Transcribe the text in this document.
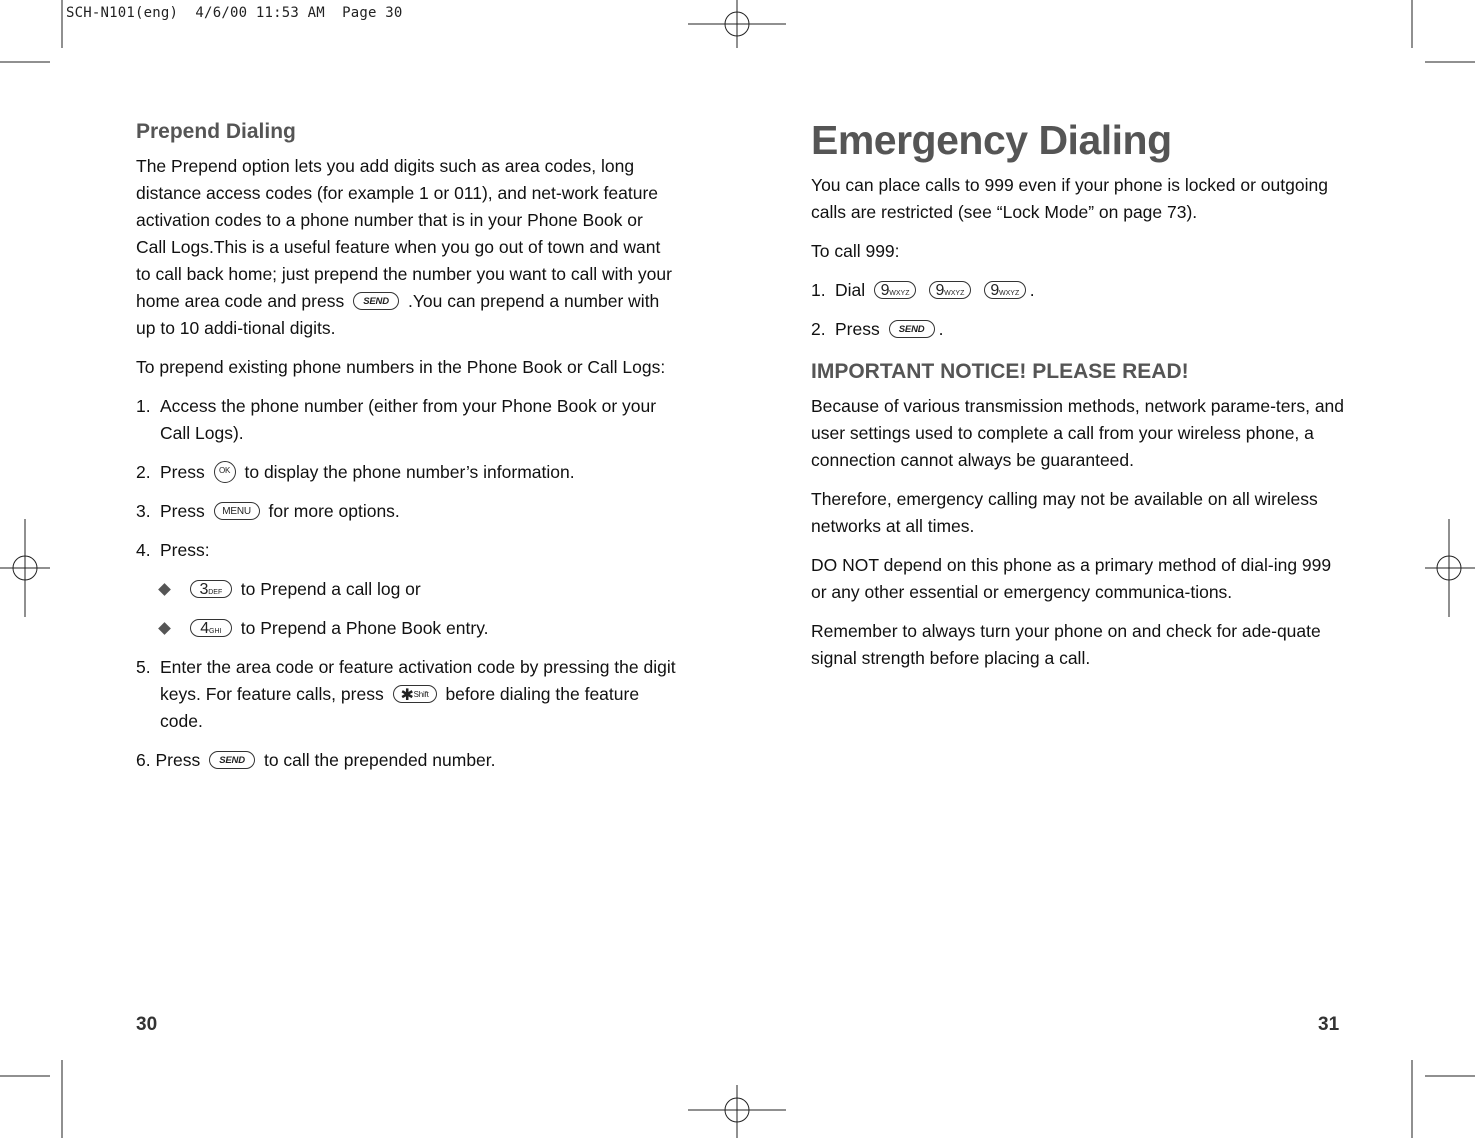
SCH-N101(eng)  4/6/00 11:53 AM  Page 30
Prepend Dialing
The Prepend option lets you add digits such as area codes, long distance access codes (for example 1 or 011), and net-work feature activation codes to a phone number that is in your Phone Book or Call Logs.This is a useful feature when you go out of town and want to call back home; just prepend the number you want to call with your home area code and press SEND .You can prepend a number with up to 10 addi-tional digits.
To prepend existing phone numbers in the Phone Book or Call Logs:
1. Access the phone number (either from your Phone Book or your Call Logs).
2. Press OK to display the phone number’s information.
3. Press MENU for more options.
4. Press:
3DEF to Prepend a call log or
4GHI to Prepend a Phone Book entry.
5. Enter the area code or feature activation code by pressing the digit keys. For feature calls, press ✱Shift before dialing the feature code.
6. Press SEND to call the prepended number.
Emergency Dialing
You can place calls to 999 even if your phone is locked or outgoing calls are restricted (see “Lock Mode” on page 73).
To call 999:
1. Dial 9WXYZ 9WXYZ 9WXYZ .
2. Press SEND .
IMPORTANT NOTICE! PLEASE READ!
Because of various transmission methods, network parame-ters, and user settings used to complete a call from your wireless phone, a connection cannot always be guaranteed.
Therefore, emergency calling may not be available on all wireless networks at all times.
DO NOT depend on this phone as a primary method of dial-ing 999 or any other essential or emergency communica-tions.
Remember to always turn your phone on and check for ade-quate signal strength before placing a call.
30	31
